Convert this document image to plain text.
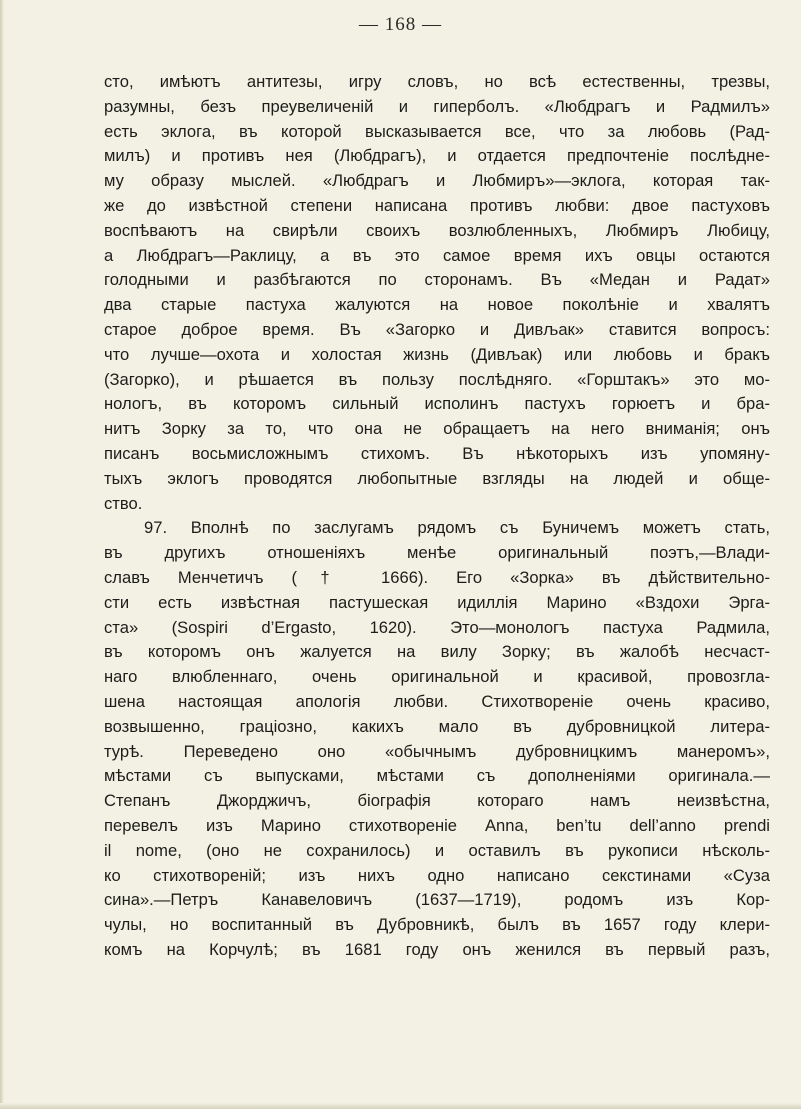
— 168 —
сто, имѣютъ антитезы, игру словъ, но всѣ естественны, трезвы,
разумны, безъ преувеличенiй и гиперболъ. «Любдрагъ и Радмилъ»
есть эклога, въ которой высказывается все, что за любовь (Рад-
милъ) и противъ нея (Любдрагъ), и отдается предпочтенiе послѣдне-
му образу мыслей. «Любдрагъ и Любмиръ»—эклога, которая так-
же до извѣстной степени написана противъ любви: двое пастуховъ
воспѣваютъ на свирѣли своихъ возлюбленныхъ, Любмиръ Любицу,
а Любдрагъ—Раклицу, а въ это самое время ихъ овцы остаются
голодными и разбѣгаются по сторонамъ. Въ «Медан и Радат»
два старые пастуха жалуются на новое поколѣнiе и хвалятъ
старое доброе время. Въ «Загорко и Дивљак» ставится вопросъ:
что лучше—охота и холостая жизнь (Дивљак) или любовь и бракъ
(Загорко), и рѣшается въ пользу послѣдняго. «Горштакъ» это мо-
нологъ, въ которомъ сильный исполинъ пастухъ горюетъ и бра-
нитъ Зорку за то, что она не обращаетъ на него вниманiя; онъ
писанъ восьмисложнымъ стихомъ. Въ нѣкоторыхъ изъ упомяну-
тыхъ эклогъ проводятся любопытные взгляды на людей и обще-
ство.
97. Вполнѣ по заслугамъ рядомъ съ Буничемъ можетъ стать,
въ другихъ отношенiяхъ менѣе оригинальный поэтъ,—Влади-
славъ Менчетичъ († 1666). Его «Зорка» въ дѣйствительно-
сти есть извѣстная пастушеская идиллiя Марино «Вздохи Эрга-
ста» (Sospiri d’Ergasto, 1620). Это—монологъ пастуха Радмила,
въ которомъ онъ жалуется на вилу Зорку; въ жалобѣ несчаст-
наго влюбленнаго, очень оригинальной и красивой, провозгла-
шена настоящая апологiя любви. Стихотворенiе очень красиво,
возвышенно, грацiозно, какихъ мало въ дубровницкой литера-
турѣ. Переведено оно «обычнымъ дубровницкимъ манеромъ»,
мѣстами съ выпусками, мѣстами съ дополненiями оригинала.—
Степанъ Джорджичъ, бiографiя котораго намъ неизвѣстна,
перевелъ изъ Марино стихотворенiе Anna, ben’tu dell’anno prendi
il nome, (оно не сохранилось) и оставилъ въ рукописи нѣсколь-
ко стихотворенiй; изъ нихъ одно написано секстинами «Суза
сина».—Петръ Канавеловичъ (1637—1719), родомъ изъ Кор-
чулы, но воспитанный въ Дубровникѣ, былъ въ 1657 году клери-
комъ на Корчулѣ; въ 1681 году онъ женился въ первый разъ,
